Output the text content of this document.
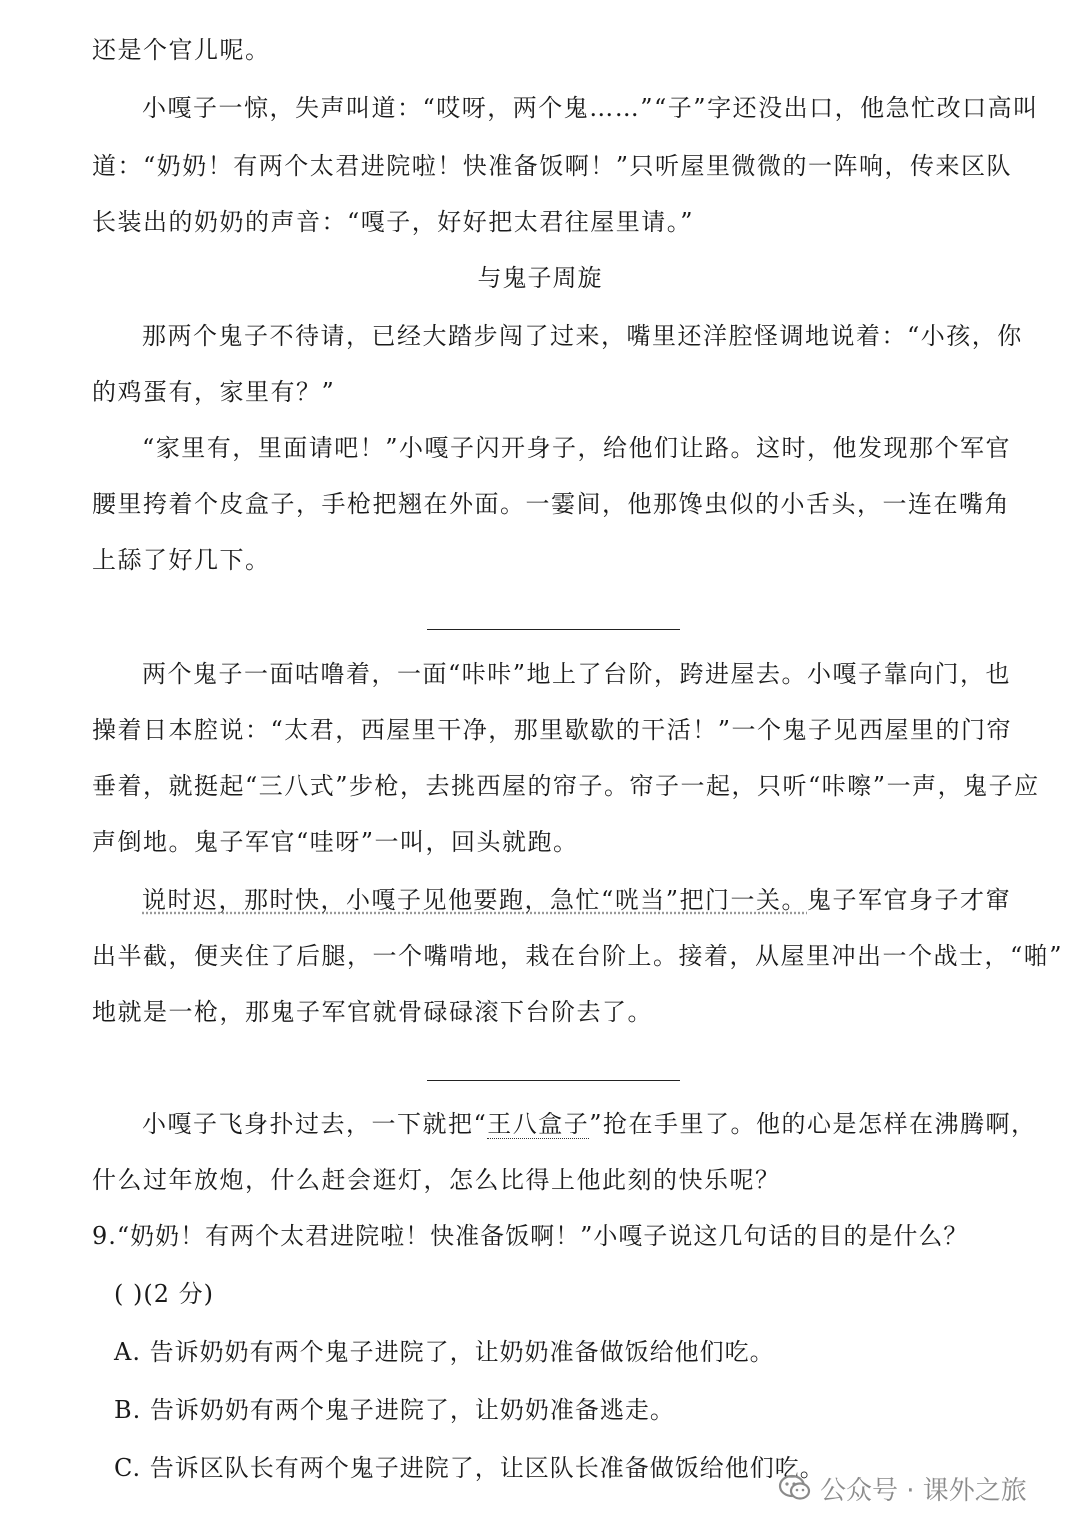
还是个官儿呢。
小嘎子一惊，失声叫道：“哎呀，两个鬼……”“子”字还没出口，他急忙改口高叫
道：“奶奶！有两个太君进院啦！快准备饭啊！”只听屋里微微的一阵响，传来区队
长装出的奶奶的声音：“嘎子，好好把太君往屋里请。”
与鬼子周旋
那两个鬼子不待请，已经大踏步闯了过来，嘴里还洋腔怪调地说着：“小孩，你
的鸡蛋有，家里有？”
“家里有，里面请吧！”小嘎子闪开身子，给他们让路。这时，他发现那个军官
腰里挎着个皮盒子，手枪把翘在外面。一霎间，他那馋虫似的小舌头，一连在嘴角
上舔了好几下。
两个鬼子一面咕噜着，一面“咔咔”地上了台阶，跨进屋去。小嘎子靠向门，也
操着日本腔说：“太君，西屋里干净，那里歇歇的干活！”一个鬼子见西屋里的门帘
垂着，就挺起“三八式”步枪，去挑西屋的帘子。帘子一起，只听“咔嚓”一声，鬼子应
声倒地。鬼子军官“哇呀”一叫，回头就跑。
说时迟，那时快，小嘎子见他要跑，急忙“咣当”把门一关。鬼子军官身子才窜
出半截，便夹住了后腿，一个嘴啃地，栽在台阶上。接着，从屋里冲出一个战士，“啪”
地就是一枪，那鬼子军官就骨碌碌滚下台阶去了。
小嘎子飞身扑过去，一下就把“王八盒子”抢在手里了。他的心是怎样在沸腾啊，
什么过年放炮，什么赶会逛灯，怎么比得上他此刻的快乐呢？
9.“奶奶！有两个太君进院啦！快准备饭啊！”小嘎子说这几句话的目的是什么？
( )(2 分)
A. 告诉奶奶有两个鬼子进院了，让奶奶准备做饭给他们吃。
B. 告诉奶奶有两个鬼子进院了，让奶奶准备逃走。
C. 告诉区队长有两个鬼子进院了，让区队长准备做饭给他们吃。
公众号 · 课外之旅
